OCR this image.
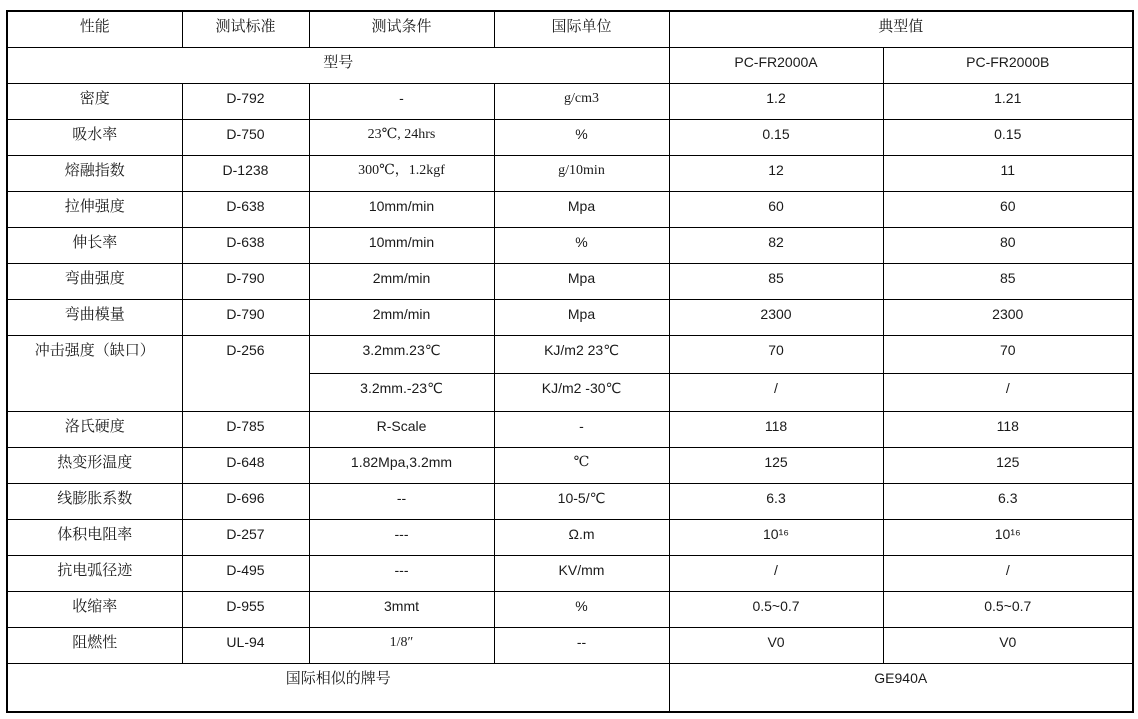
性能	测试标准	测试条件	国际单位	典型值	
型号				PC-FR2000A	PC-FR2000B
密度	D-792	-	g/cm3	1.2	1.21
吸水率	D-750	23℃, 24hrs	%	0.15	0.15
熔融指数	D-1238	300℃，1.2kgf	g/10min	12	11
拉伸强度	D-638	10mm/min	Mpa	60	60
伸长率	D-638	10mm/min	%	82	80
弯曲强度	D-790	2mm/min	Mpa	85	85
弯曲模量	D-790	2mm/min	Mpa	2300	2300
冲击强度（缺口）	D-256	3.2mm.23℃	KJ/m2 23℃	70	70
		3.2mm.-23℃	KJ/m2 -30℃	/	/
洛氏硬度	D-785	R-Scale	-	118	118
热变形温度	D-648	1.82Mpa,3.2mm	℃	125	125
线膨胀系数	D-696	--	10-5/℃	6.3	6.3
体积电阻率	D-257	---	Ω.m	10¹⁶	10¹⁶
抗电弧径迹	D-495	---	KV/mm	/	/
收缩率	D-955	3mmt	%	0.5~0.7	0.5~0.7
阻燃性	UL-94	1/8″	--	V0	V0
国际相似的牌号				GE940A	
